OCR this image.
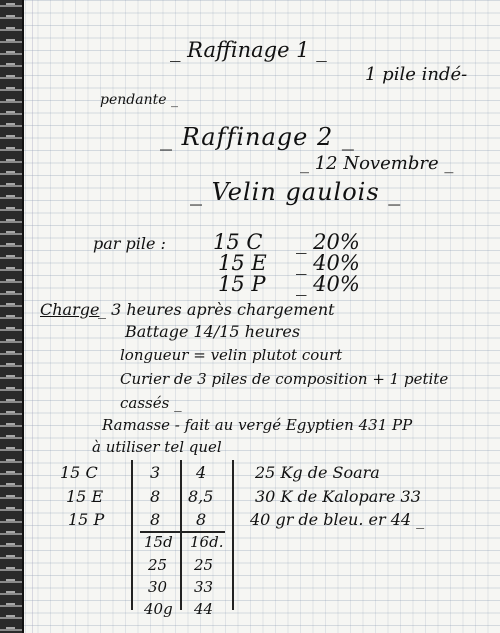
_ Raffinage 1 _
1 pile indé-
pendante _
_ Raffinage 2 _
_ 12 Novembre _
_ Velin gaulois _
par pile : 15 C _ 20%
15 E _ 40%
15 P _ 40%
Charge
_ 3 heures après chargement
Battage 14/15 heures
longueur = velin plutot court
Curier de 3 piles de composition + 1 petite
cassés _
Ramasse - fait au vergé Egyptien 431 PP
à utiliser tel quel
15 C
15 E
15 P
3
8
8
4
8,5
8
15d
25
30
40g
16d.
25
33
44
25 Kg de Soara
30 K de Kalopare 33
40 gr de bleu. er 44 _
